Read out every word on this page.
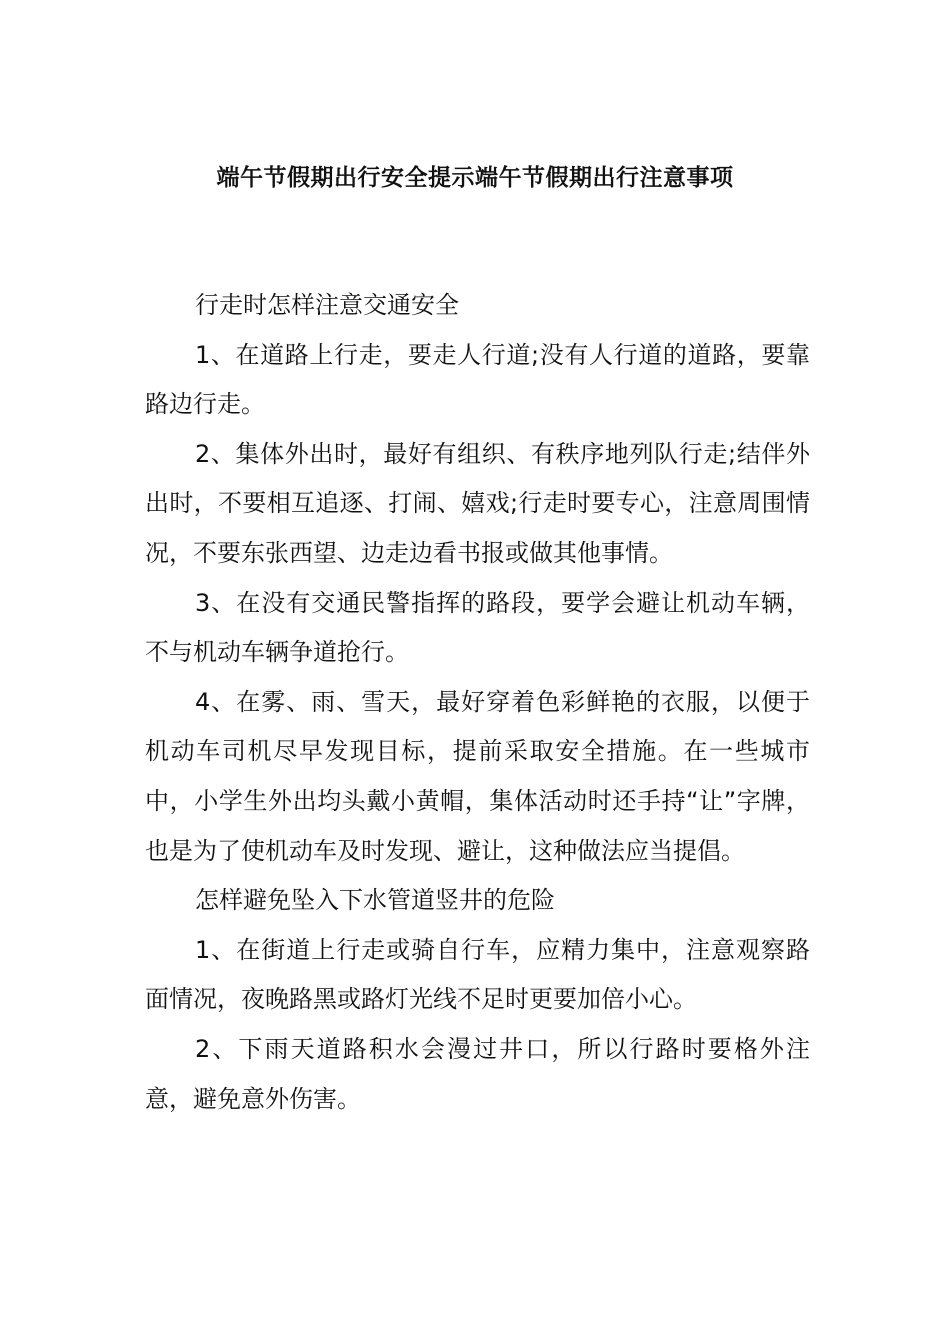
端午节假期出行安全提示端午节假期出行注意事项

行走时怎样注意交通安全

1、在道路上行走，要走人行道;没有人行道的道路，要靠路边行走。

2、集体外出时，最好有组织、有秩序地列队行走;结伴外出时，不要相互追逐、打闹、嬉戏;行走时要专心，注意周围情况，不要东张西望、边走边看书报或做其他事情。

3、在没有交通民警指挥的路段，要学会避让机动车辆，不与机动车辆争道抢行。

4、在雾、雨、雪天，最好穿着色彩鲜艳的衣服，以便于机动车司机尽早发现目标，提前采取安全措施。在一些城市中，小学生外出均头戴小黄帽，集体活动时还手持“让”字牌，也是为了使机动车及时发现、避让，这种做法应当提倡。

怎样避免坠入下水管道竖井的危险

1、在街道上行走或骑自行车，应精力集中，注意观察路面情况，夜晚路黑或路灯光线不足时更要加倍小心。

2、下雨天道路积水会漫过井口，所以行路时要格外注意，避免意外伤害。
